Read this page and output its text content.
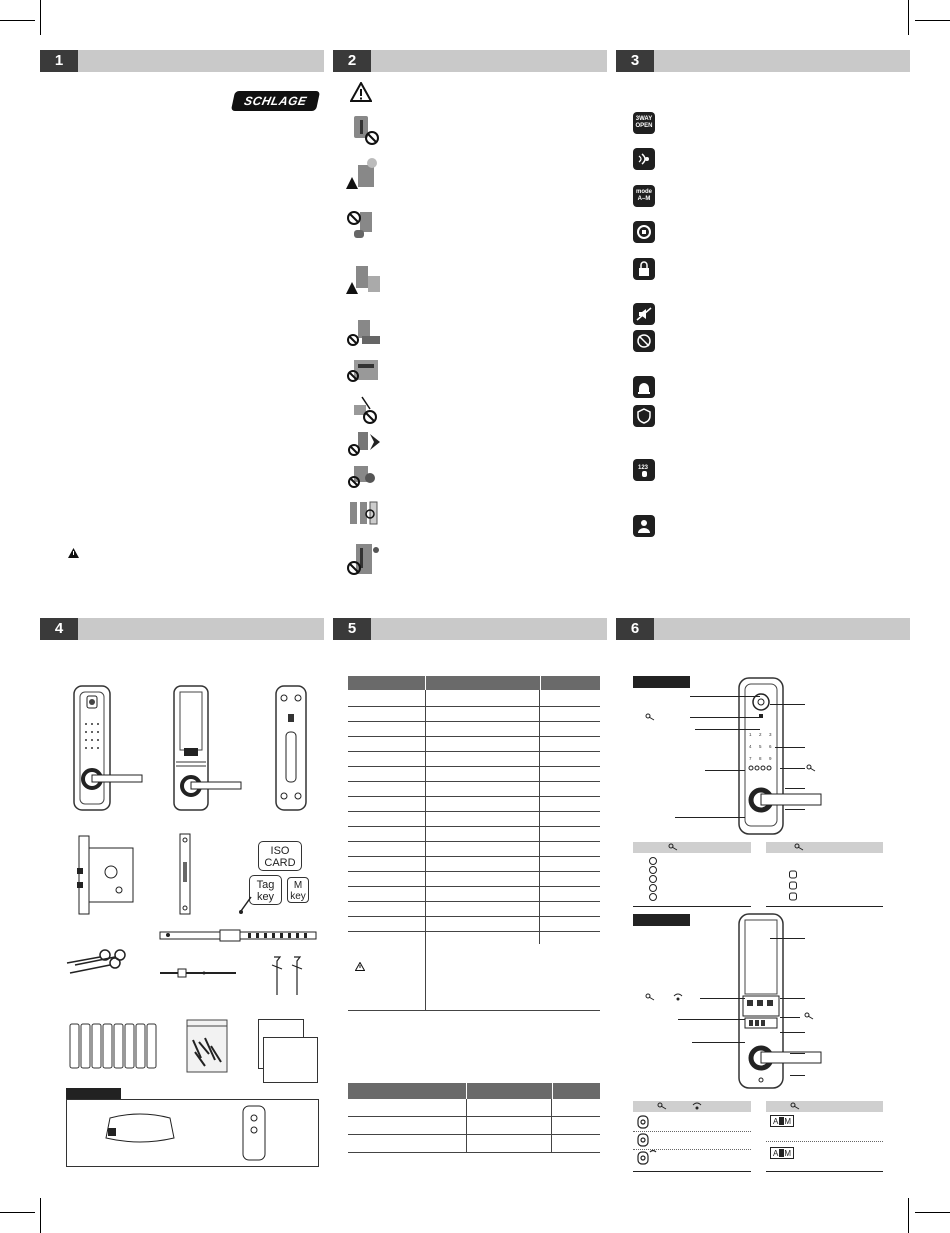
1	2	3
4	5	6
SCHLAGE
3WAY
OPEN
mode
A–M
123
ISO
CARD
Tag
key
M
key
1 2 3
4 5 6
7 8 9
A M
A M
